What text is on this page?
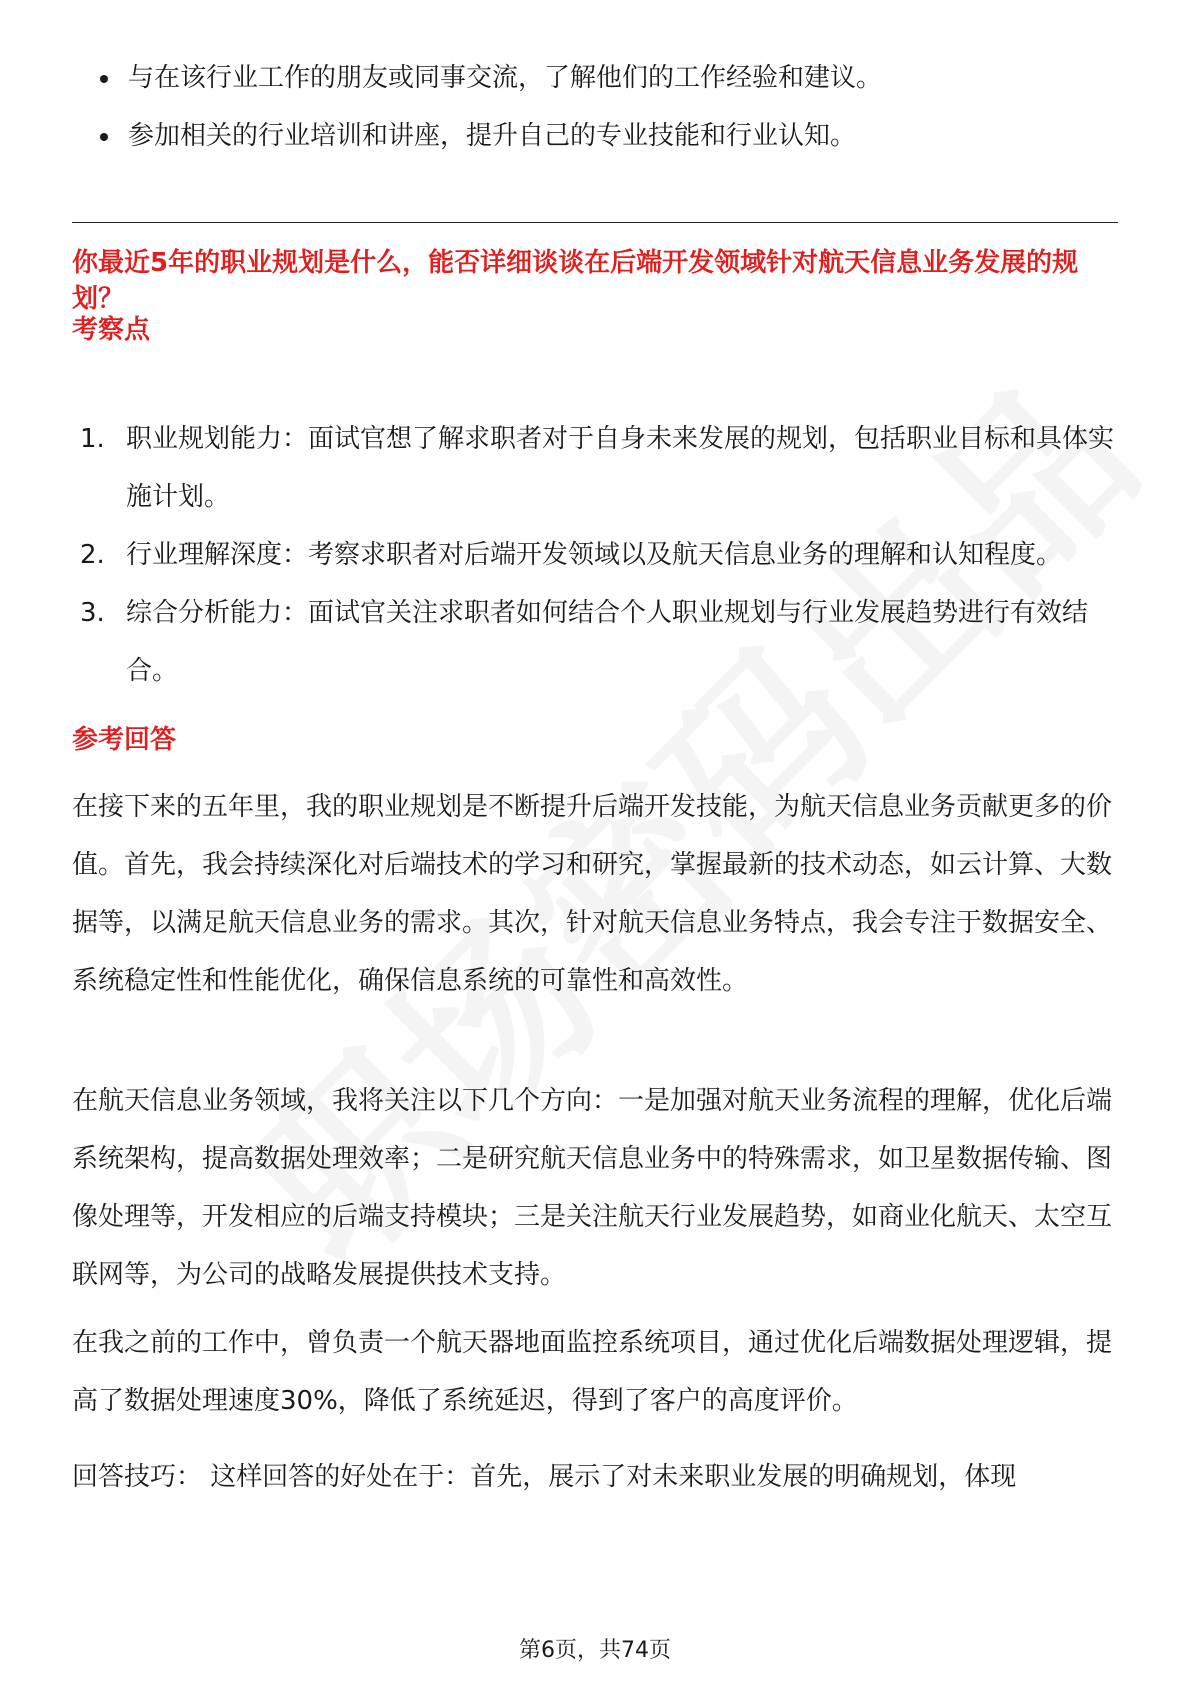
与在该行业工作的朋友或同事交流，了解他们的工作经验和建议。
参加相关的行业培训和讲座，提升自己的专业技能和行业认知。

你最近5年的职业规划是什么，能否详细谈谈在后端开发领域针对航天信息业务发展的规划？

考察点

1. 职业规划能力：面试官想了解求职者对于自身未来发展的规划，包括职业目标和具体实施计划。
2. 行业理解深度：考察求职者对后端开发领域以及航天信息业务的理解和认知程度。
3. 综合分析能力：面试官关注求职者如何结合个人职业规划与行业发展趋势进行有效结合。

参考回答

在接下来的五年里，我的职业规划是不断提升后端开发技能，为航天信息业务贡献更多的价值。首先，我会持续深化对后端技术的学习和研究，掌握最新的技术动态，如云计算、大数据等，以满足航天信息业务的需求。其次，针对航天信息业务特点，我会专注于数据安全、系统稳定性和性能优化，确保信息系统的可靠性和高效性。

在航天信息业务领域，我将关注以下几个方向：一是加强对航天业务流程的理解，优化后端系统架构，提高数据处理效率；二是研究航天信息业务中的特殊需求，如卫星数据传输、图像处理等，开发相应的后端支持模块；三是关注航天行业发展趋势，如商业化航天、太空互联网等，为公司的战略发展提供技术支持。

在我之前的工作中，曾负责一个航天器地面监控系统项目，通过优化后端数据处理逻辑，提高了数据处理速度30%，降低了系统延迟，得到了客户的高度评价。

回答技巧： 这样回答的好处在于：首先，展示了对未来职业发展的明确规划，体现

第6页，共74页
